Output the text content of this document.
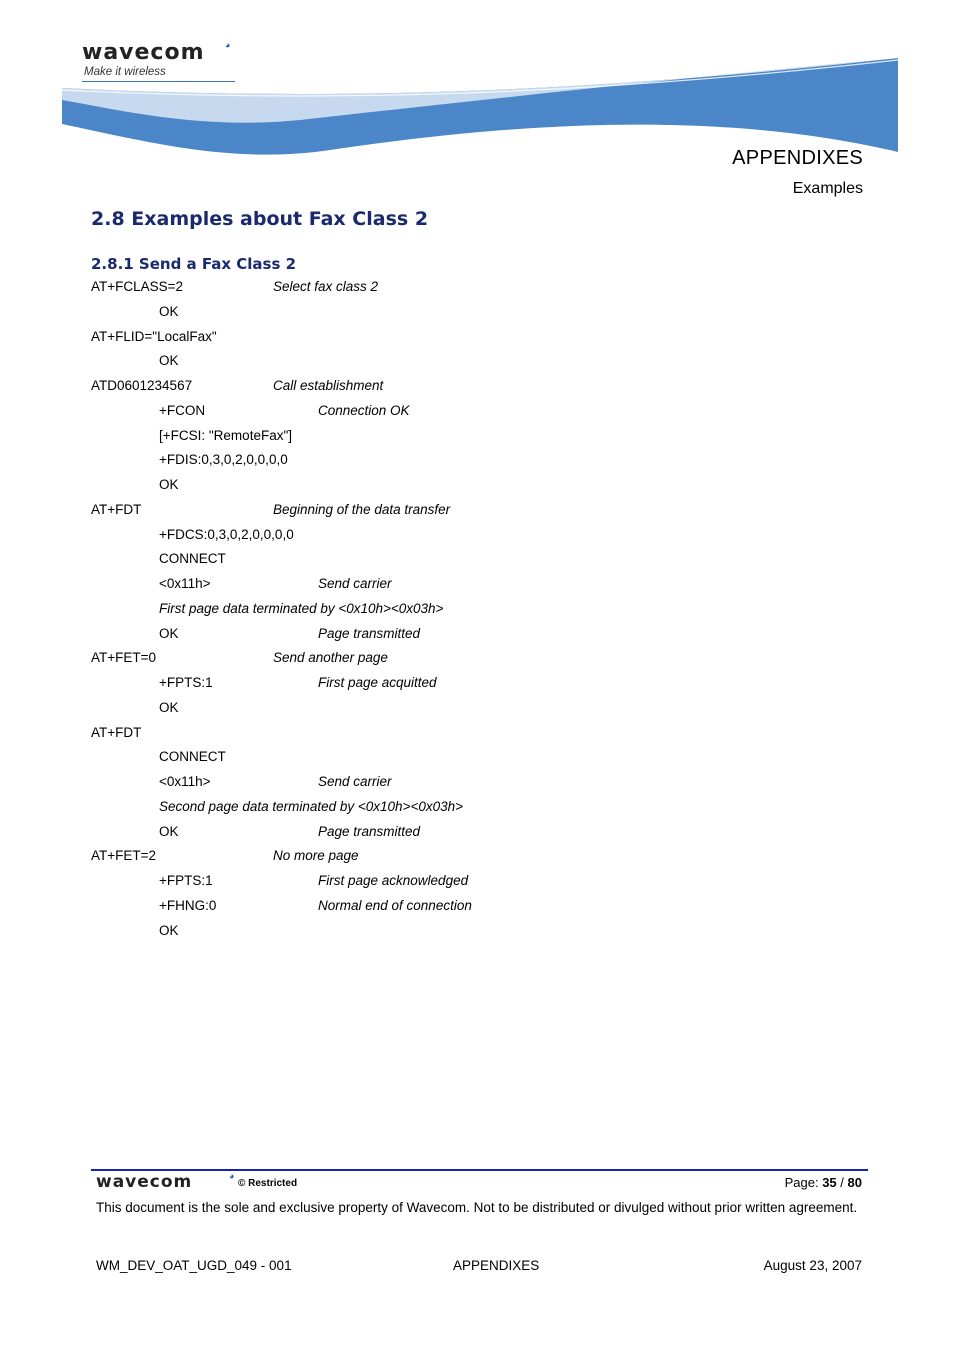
wavecom ◕
Make it wireless
APPENDIXES
Examples
2.8 Examples about Fax Class 2
2.8.1 Send a Fax Class 2
AT+FCLASS=2	Select fax class 2
OK
AT+FLID="LocalFax"
OK
ATD0601234567	Call establishment
+FCON	Connection OK
[+FCSI: "RemoteFax"]
+FDIS:0,3,0,2,0,0,0,0
OK
AT+FDT	Beginning of the data transfer
+FDCS:0,3,0,2,0,0,0,0
CONNECT
<0x11h>	Send carrier
First page data terminated by <0x10h><0x03h>
OK	Page transmitted
AT+FET=0	Send another page
+FPTS:1	First page acquitted
OK
AT+FDT
CONNECT
<0x11h>	Send carrier
Second page data terminated by <0x10h><0x03h>
OK	Page transmitted
AT+FET=2	No more page
+FPTS:1	First page acknowledged
+FHNG:0	Normal end of connection
OK
wavecom	◕
© Restricted	Page: 35 / 80
This document is the sole and exclusive property of Wavecom. Not to be distributed or divulged without prior written agreement.
WM_DEV_OAT_UGD_049 - 001	APPENDIXES	August 23, 2007
